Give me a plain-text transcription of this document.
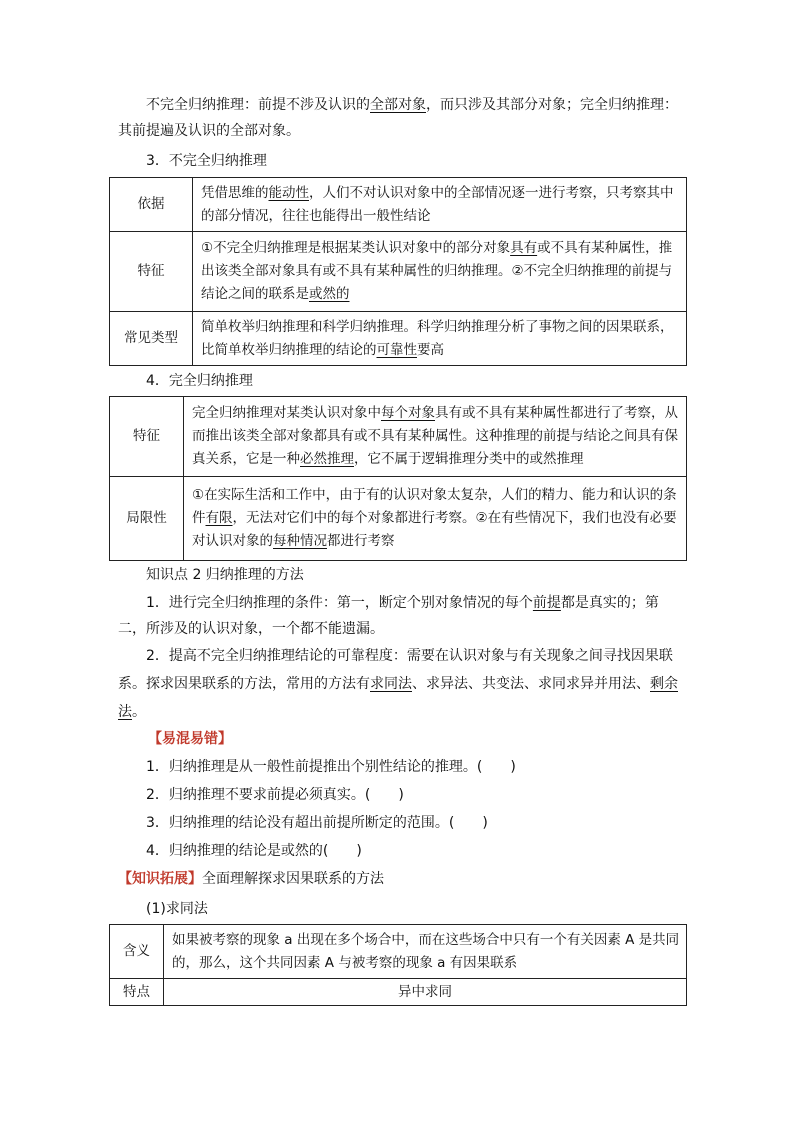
不完全归纳推理：前提不涉及认识的全部对象，而只涉及其部分对象；完全归纳推理：其前提遍及认识的全部对象。

3．不完全归纳推理

依据	凭借思维的能动性，人们不对认识对象中的全部情况逐一进行考察，只考察其中的部分情况，往往也能得出一般性结论
特征	①不完全归纳推理是根据某类认识对象中的部分对象具有或不具有某种属性，推出该类全部对象具有或不具有某种属性的归纳推理。②不完全归纳推理的前提与结论之间的联系是或然的
常见类型	简单枚举归纳推理和科学归纳推理。科学归纳推理分析了事物之间的因果联系，比简单枚举归纳推理的结论的可靠性要高

4．完全归纳推理

特征	完全归纳推理对某类认识对象中每个对象具有或不具有某种属性都进行了考察，从而推出该类全部对象都具有或不具有某种属性。这种推理的前提与结论之间具有保真关系，它是一种必然推理，它不属于逻辑推理分类中的或然推理
局限性	①在实际生活和工作中，由于有的认识对象太复杂，人们的精力、能力和认识的条件有限，无法对它们中的每个对象都进行考察。②在有些情况下，我们也没有必要对认识对象的每种情况都进行考察

知识点 2 归纳推理的方法

1．进行完全归纳推理的条件：第一，断定个别对象情况的每个前提都是真实的；第二，所涉及的认识对象，一个都不能遗漏。

2．提高不完全归纳推理结论的可靠程度：需要在认识对象与有关现象之间寻找因果联系。探求因果联系的方法，常用的方法有求同法、求异法、共变法、求同求异并用法、剩余法。

【易混易错】

1．归纳推理是从一般性前提推出个别性结论的推理。(　　)

2．归纳推理不要求前提必须真实。(　　)

3．归纳推理的结论没有超出前提所断定的范围。(　　)

4．归纳推理的结论是或然的(　　)

【知识拓展】全面理解探求因果联系的方法

(1)求同法

含义	如果被考察的现象 a 出现在多个场合中，而在这些场合中只有一个有关因素 A 是共同的，那么，这个共同因素 A 与被考察的现象 a 有因果联系
特点	异中求同
